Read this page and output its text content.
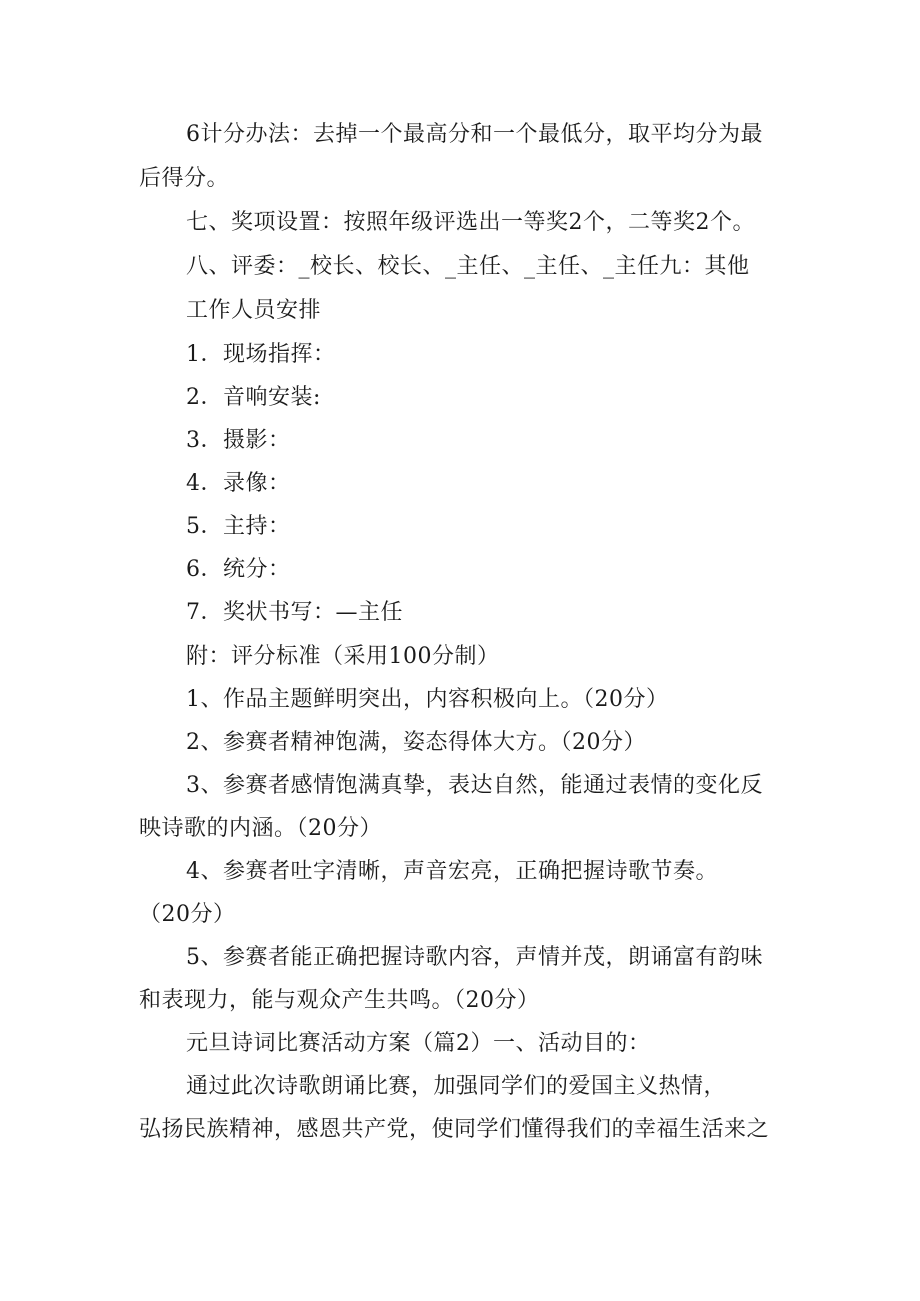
6计分办法：去掉一个最高分和一个最低分，取平均分为最
后得分。
七、奖项设置：按照年级评选出一等奖2个，二等奖2个。
八、评委：_校长、校长、_主任、_主任、_主任九：其他
工作人员安排
1．现场指挥：
2．音响安装:
3．摄影：
4．录像：
5．主持：
6．统分：
7．奖状书写：—主任
附：评分标准（采用100分制）
1、作品主题鲜明突出，内容积极向上。（20分）
2、参赛者精神饱满，姿态得体大方。（20分）
3、参赛者感情饱满真挚，表达自然，能通过表情的变化反
映诗歌的内涵。（20分）
4、参赛者吐字清晰，声音宏亮，正确把握诗歌节奏。
（20分）
5、参赛者能正确把握诗歌内容，声情并茂，朗诵富有韵味
和表现力，能与观众产生共鸣。（20分）
元旦诗词比赛活动方案（篇2）一、活动目的：
通过此次诗歌朗诵比赛，加强同学们的爱国主义热情，
弘扬民族精神，感恩共产党，使同学们懂得我们的幸福生活来之
